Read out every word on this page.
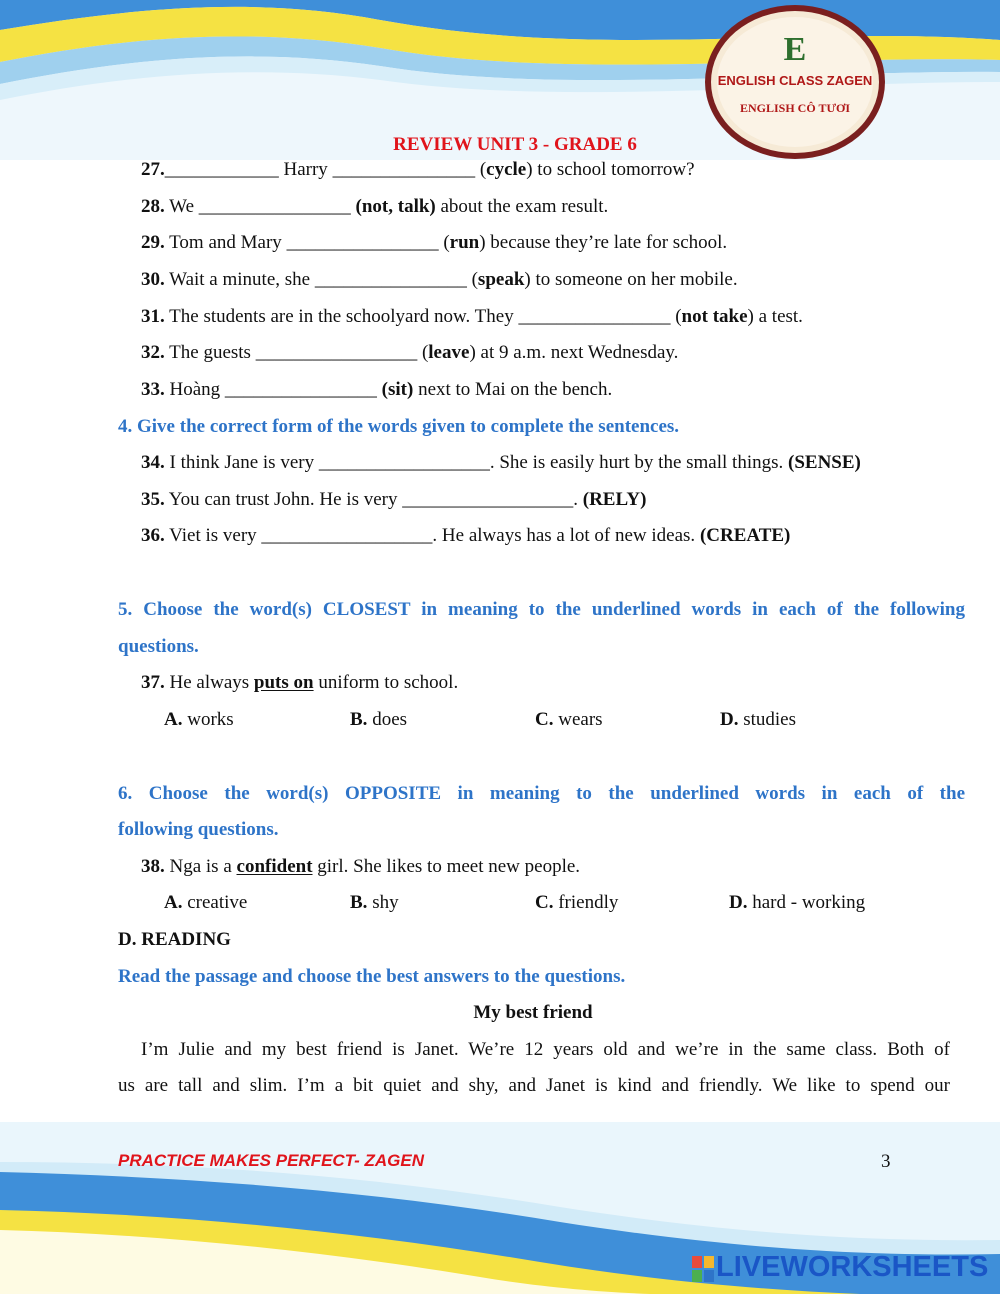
E
ENGLISH CLASS ZAGEN
ENGLISH CÔ TƯƠI
REVIEW UNIT 3 - GRADE 6
27.____________ Harry _______________ (cycle) to school tomorrow?
28. We ________________ (not, talk) about the exam result.
29. Tom and Mary ________________ (run) because they’re late for school.
30. Wait a minute, she ________________ (speak) to someone on her mobile.
31. The students are in the schoolyard now. They ________________ (not take) a test.
32. The guests _________________ (leave) at 9 a.m. next Wednesday.
33. Hoàng ________________ (sit) next to Mai on the bench.
4. Give the correct form of the words given to complete the sentences.
34. I think Jane is very __________________. She is easily hurt by the small things. (SENSE)
35. You can trust John. He is very __________________. (RELY)
36. Viet is very __________________. He always has a lot of new ideas. (CREATE)
5. Choose the word(s) CLOSEST in meaning to the underlined words in each of the following
questions.
37. He always puts on uniform to school.
A. works	B. does	C. wears	D. studies
6. Choose the word(s) OPPOSITE in meaning to the underlined words in each of the
following questions.
38. Nga is a confident girl. She likes to meet new people.
A. creative	B. shy	C. friendly	D. hard - working
D. READING
Read the passage and choose the best answers to the questions.
My best friend
I’m Julie and my best friend is Janet. We’re 12 years old and we’re in the same class. Both of
us are tall and slim. I’m a bit quiet and shy, and Janet is kind and friendly. We like to spend our
PRACTICE MAKES PERFECT- ZAGEN	3
LIVEWORKSHEETS
